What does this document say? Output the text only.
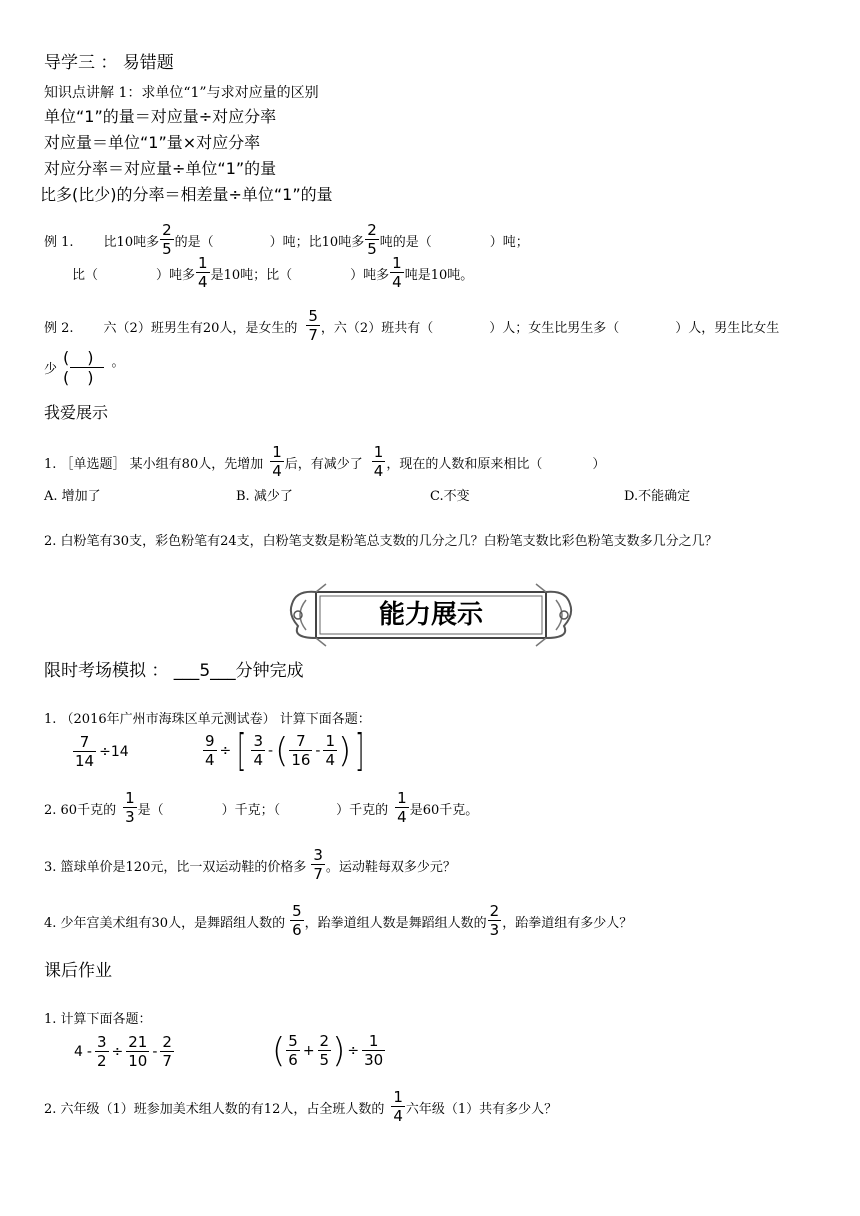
导学三 ： 易错题
知识点讲解 1：求单位“1”与求对应量的区别
单位“1”的量＝对应量÷对应分率
对应量＝单位“1”量×对应分率
对应分率＝对应量÷单位“1”的量
比多(比少)的分率＝相差量÷单位“1”的量
例 1. 比10吨多 $\frac{2}{5}$ 的是（	）吨；比10吨多 $\frac{2}{5}$ 吨的是（	）吨；
比（	）吨多 $\frac{1}{4}$ 是10吨；比（	）吨多 $\frac{1}{4}$ 吨是10吨。
例 2. 六（2）班男生有20人，是女生的 $\frac{5}{7}$ ，六（2）班共有（	）人；女生比男生多（	）人，男生比女生
少
()
()
。
我爱展示
1. ［单选题］ 某小组有80人，先增加 $\frac{1}{4}$ 后，有减少了 $\frac{1}{4}$ ，现在的人数和原来相比（	）
A. 增加了	B. 减少了	C.不变	D.不能确定
2. 白粉笔有30支，彩色粉笔有24支，白粉笔支数是粉笔总支数的几分之几？白粉笔支数比彩色粉笔支数多几分之几？
能力展示
限时考场模拟 ： ___5___分钟完成
1. （2016年广州市海珠区单元测试卷） 计算下面各题：
$\frac{7}{14} \div 14$	$\frac{9}{4}$ ÷ [ $\frac{3}{4}$ - ( $\frac{7}{16} - \frac{1}{4}$ ) ]
2. 60千克的 $\frac{1}{3}$ 是（	）千克；（	）千克的 $\frac{1}{4}$ 是60千克。
3. 篮球单价是120元，比一双运动鞋的价格多 $\frac{3}{7}$ 。运动鞋每双多少元？
4. 少年宫美术组有30人，是舞蹈组人数的 $\frac{5}{6}$ ，跆拳道组人数是舞蹈组人数的 $\frac{2}{3}$ ，跆拳道组有多少人？
课后作业
1. 计算下面各题：
$4 - \frac{3}{2} \div \frac{21}{10} - \frac{2}{7}$	( $\frac{5}{6} + \frac{2}{5}$ ) ÷ $\frac{1}{30}$
2. 六年级（1）班参加美术组人数的有12人，占全班人数的 $\frac{1}{4}$ 六年级（1）共有多少人？
